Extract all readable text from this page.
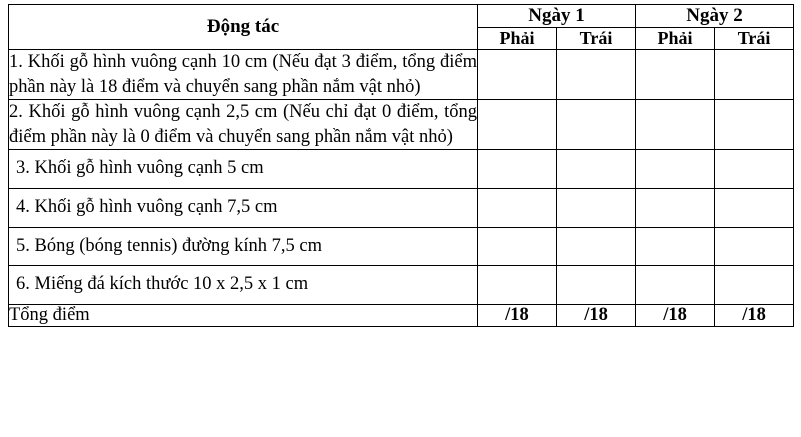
Động tác	Ngày 1		Ngày 2	
	Phải	Trái	Phải	Trái
1. Khối gỗ hình vuông cạnh 10 cm (Nếu đạt 3 điểm, tổng điểm phần này là 18 điểm và chuyển sang phần nắm vật nhỏ)				
2. Khối gỗ hình vuông cạnh 2,5 cm (Nếu chỉ đạt 0 điểm, tổng điểm phần này là 0 điểm và chuyển sang phần nắm vật nhỏ)				
3. Khối gỗ hình vuông cạnh 5 cm				
4. Khối gỗ hình vuông cạnh 7,5 cm				
5. Bóng (bóng tennis) đường kính 7,5 cm				
6. Miếng đá kích thước 10 x 2,5 x 1 cm				
Tổng điểm	/18	/18	/18	/18
